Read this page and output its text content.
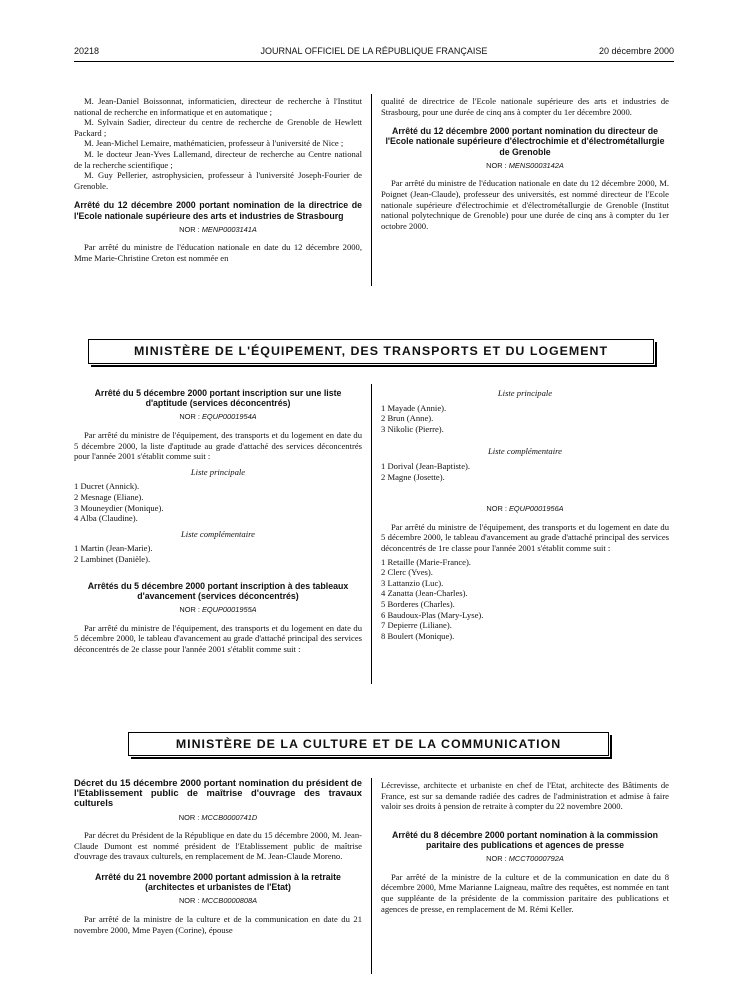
20218	JOURNAL OFFICIEL DE LA RÉPUBLIQUE FRANÇAISE	20 décembre 2000

M. Jean-Daniel Boissonnat, informaticien, directeur de recherche à l'Institut national de recherche en informatique et en automatique ;

M. Sylvain Sadier, directeur du centre de recherche de Grenoble de Hewlett Packard ;

M. Jean-Michel Lemaire, mathématicien, professeur à l'université de Nice ;

M. le docteur Jean-Yves Lallemand, directeur de recherche au Centre national de la recherche scientifique ;

M. Guy Pellerier, astrophysicien, professeur à l'université Joseph-Fourier de Grenoble.

Arrêté du 12 décembre 2000 portant nomination de la directrice de l'Ecole nationale supérieure des arts et industries de Strasbourg
NOR : MENP0003141A

Par arrêté du ministre de l'éducation nationale en date du 12 décembre 2000, Mme Marie-Christine Creton est nommée en

qualité de directrice de l'Ecole nationale supérieure des arts et industries de Strasbourg, pour une durée de cinq ans à compter du 1er décembre 2000.

Arrêté du 12 décembre 2000 portant nomination du directeur de l'Ecole nationale supérieure d'électrochimie et d'électrométallurgie de Grenoble
NOR : MENS0003142A

Par arrêté du ministre de l'éducation nationale en date du 12 décembre 2000, M. Poignet (Jean-Claude), professeur des universités, est nommé directeur de l'Ecole nationale supérieure d'électrochimie et d'électrométallurgie de Grenoble (Institut national polytechnique de Grenoble) pour une durée de cinq ans à compter du 1er octobre 2000.

MINISTÈRE DE L'ÉQUIPEMENT, DES TRANSPORTS ET DU LOGEMENT
Arrêté du 5 décembre 2000 portant inscription sur une liste d'aptitude (services déconcentrés)
NOR : EQUP0001954A

Par arrêté du ministre de l'équipement, des transports et du logement en date du 5 décembre 2000, la liste d'aptitude au grade d'attaché des services déconcentrés pour l'année 2001 s'établit comme suit :

Liste principale
1 Ducret (Annick).
2 Mesnage (Eliane).
3 Mouneydier (Monique).
4 Alba (Claudine).
Liste complémentaire
1 Martin (Jean-Marie).
2 Lambinet (Danièle).
Arrêtés du 5 décembre 2000 portant inscription à des tableaux d'avancement (services déconcentrés)
NOR : EQUP0001955A

Par arrêté du ministre de l'équipement, des transports et du logement en date du 5 décembre 2000, le tableau d'avancement au grade d'attaché principal des services déconcentrés de 2e classe pour l'année 2001 s'établit comme suit :

Liste principale
1 Mayade (Annie).
2 Brun (Anne).
3 Nikolic (Pierre).
Liste complémentaire
1 Dorival (Jean-Baptiste).
2 Magne (Josette).
NOR : EQUP0001956A

Par arrêté du ministre de l'équipement, des transports et du logement en date du 5 décembre 2000, le tableau d'avancement au grade d'attaché principal des services déconcentrés de 1re classe pour l'année 2001 s'établit comme suit :

1 Retaille (Marie-France).
2 Clerc (Yves).
3 Lattanzio (Luc).
4 Zanatta (Jean-Charles).
5 Borderes (Charles).
6 Baudoux-Plas (Mary-Lyse).
7 Depierre (Liliane).
8 Boulert (Monique).
MINISTÈRE DE LA CULTURE ET DE LA COMMUNICATION
Décret du 15 décembre 2000 portant nomination du président de l'Etablissement public de maîtrise d'ouvrage des travaux culturels
NOR : MCCB0000741D

Par décret du Président de la République en date du 15 décembre 2000, M. Jean-Claude Dumont est nommé président de l'Etablissement public de maîtrise d'ouvrage des travaux culturels, en remplacement de M. Jean-Claude Moreno.

Arrêté du 21 novembre 2000 portant admission à la retraite (architectes et urbanistes de l'Etat)
NOR : MCCB0000808A

Par arrêté de la ministre de la culture et de la communication en date du 21 novembre 2000, Mme Payen (Corine), épouse

Lécrevisse, architecte et urbaniste en chef de l'Etat, architecte des Bâtiments de France, est sur sa demande radiée des cadres de l'administration et admise à faire valoir ses droits à pension de retraite à compter du 22 novembre 2000.

Arrêté du 8 décembre 2000 portant nomination à la commission paritaire des publications et agences de presse
NOR : MCCT0000792A

Par arrêté de la ministre de la culture et de la communication en date du 8 décembre 2000, Mme Marianne Laigneau, maître des requêtes, est nommée en tant que suppléante de la présidente de la commission paritaire des publications et agences de presse, en remplacement de M. Rémi Keller.
